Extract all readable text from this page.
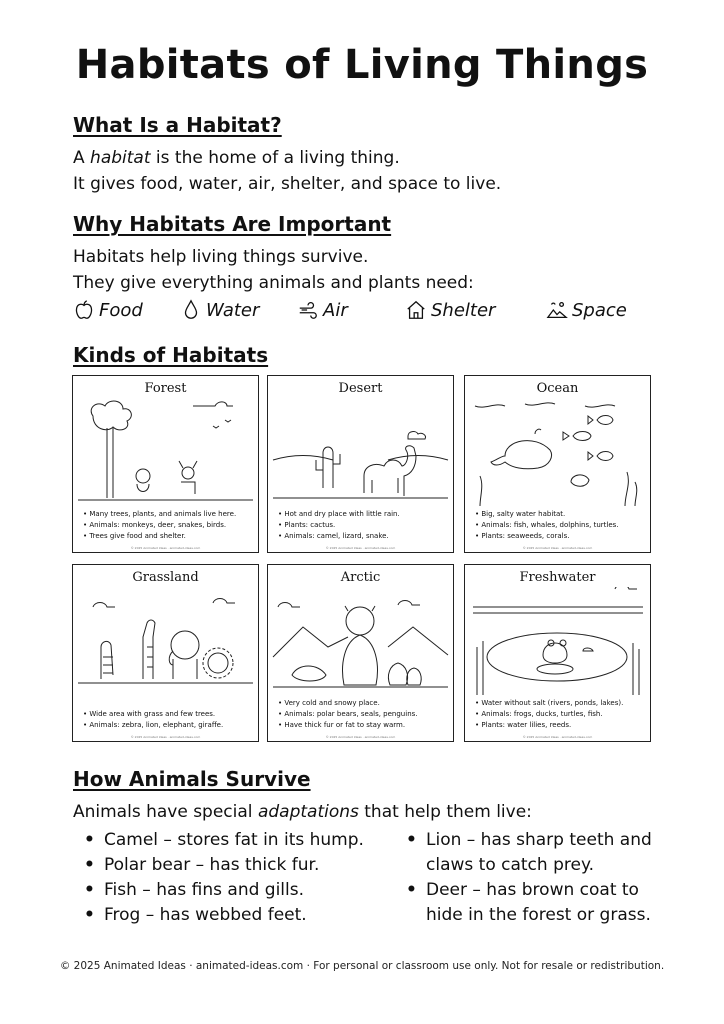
Habitats of Living Things
What Is a Habitat?
A habitat is the home of a living thing.
It gives food, water, air, shelter, and space to live.
Why Habitats Are Important
Habitats help living things survive.
They give everything animals and plants need:
Food	Water	Air	Shelter	Space
Kinds of Habitats
Forest
• Many trees, plants, and animals live here.
• Animals: monkeys, deer, snakes, birds.
• Trees give food and shelter.
© 2025 Animated Ideas · animated-ideas.com
Desert
• Hot and dry place with little rain.
• Plants: cactus.
• Animals: camel, lizard, snake.
© 2025 Animated Ideas · animated-ideas.com
Ocean
• Big, salty water habitat.
• Animals: fish, whales, dolphins, turtles.
• Plants: seaweeds, corals.
© 2025 Animated Ideas · animated-ideas.com
Grassland
• Wide area with grass and few trees.
• Animals: zebra, lion, elephant, giraffe.
© 2025 Animated Ideas · animated-ideas.com
Arctic
• Very cold and snowy place.
• Animals: polar bears, seals, penguins.
• Have thick fur or fat to stay warm.
© 2025 Animated Ideas · animated-ideas.com
Freshwater
• Water without salt (rivers, ponds, lakes).
• Animals: frogs, ducks, turtles, fish.
• Plants: water lilies, reeds.
© 2025 Animated Ideas · animated-ideas.com
How Animals Survive
Animals have special adaptations that help them live:
• Camel – stores fat in its hump.
• Polar bear – has thick fur.
• Fish – has fins and gills.
• Frog – has webbed feet.
• Lion – has sharp teeth and
claws to catch prey.
• Deer – has brown coat to
hide in the forest or grass.
© 2025 Animated Ideas · animated-ideas.com · For personal or classroom use only. Not for resale or redistribution.
